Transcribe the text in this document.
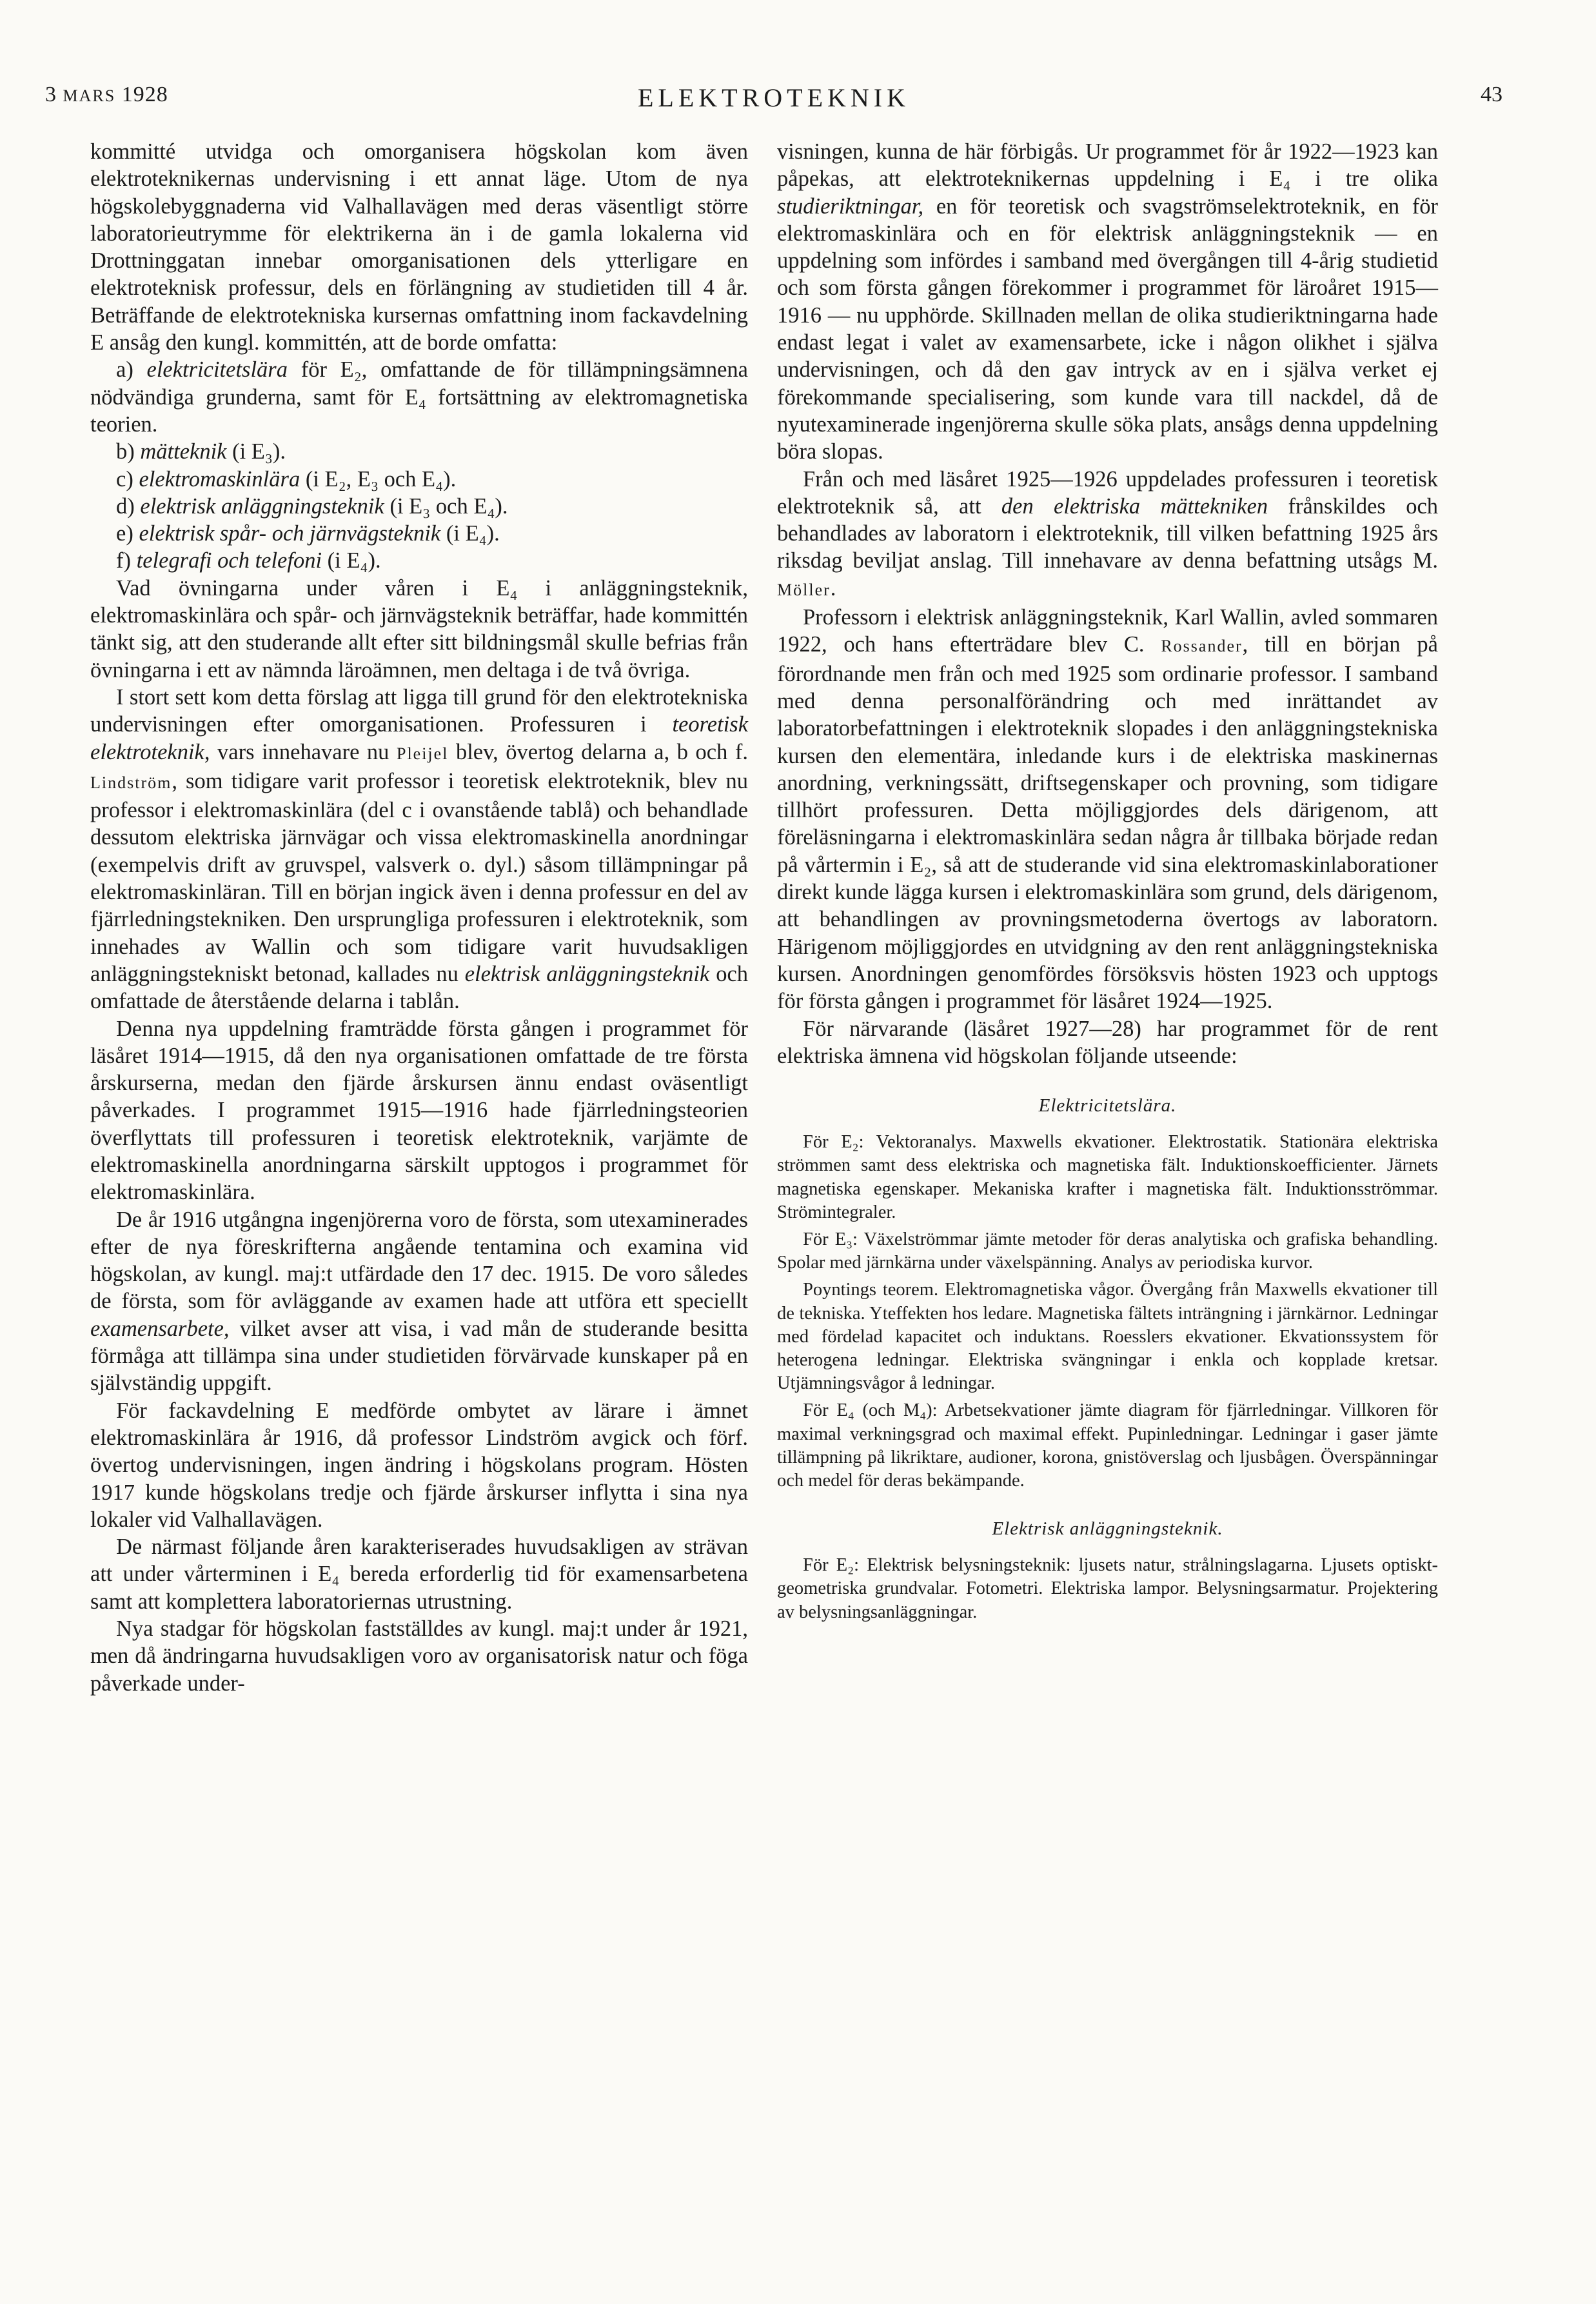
3 MARS 1928	ELEKTROTEKNIK	43

kommitté utvidga och omorganisera högskolan kom även elektroteknikernas undervisning i ett annat läge. Utom de nya högskolebyggnaderna vid Valhallavägen med deras väsentligt större laboratorieutrymme för elektrikerna än i de gamla lokalerna vid Drottninggatan innebar omorganisationen dels ytterligare en elektroteknisk professur, dels en förlängning av studietiden till 4 år. Beträffande de elektrotekniska kursernas omfattning inom fackavdelning E ansåg den kungl. kommittén, att de borde omfatta:

a) elektricitetslära för E₂, omfattande de för tillämpningsämnena nödvändiga grunderna, samt för E₄ fortsättning av elektromagnetiska teorien.

b) mätteknik (i E₃).

c) elektromaskinlära (i E₂, E₃ och E₄).

d) elektrisk anläggningsteknik (i E₃ och E₄).

e) elektrisk spår- och järnvägsteknik (i E₄).

f) telegrafi och telefoni (i E₄).

Vad övningarna under våren i E₄ i anläggningsteknik, elektromaskinlära och spår- och järnvägsteknik beträffar, hade kommittén tänkt sig, att den studerande allt efter sitt bildningsmål skulle befrias från övningarna i ett av nämnda läroämnen, men deltaga i de två övriga.

I stort sett kom detta förslag att ligga till grund för den elektrotekniska undervisningen efter omorganisationen. Professuren i teoretisk elektroteknik, vars innehavare nu Pleijel blev, övertog delarna a, b och f. Lindström, som tidigare varit professor i teoretisk elektroteknik, blev nu professor i elektromaskinlära (del c i ovanstående tablå) och behandlade dessutom elektriska järnvägar och vissa elektromaskinella anordningar (exempelvis drift av gruvspel, valsverk o. dyl.) såsom tillämpningar på elektromaskinläran. Till en början ingick även i denna professur en del av fjärrledningstekniken. Den ursprungliga professuren i elektroteknik, som innehades av Wallin och som tidigare varit huvudsakligen anläggningstekniskt betonad, kallades nu elektrisk anläggningsteknik och omfattade de återstående delarna i tablån.

Denna nya uppdelning framträdde första gången i programmet för läsåret 1914—1915, då den nya organisationen omfattade de tre första årskurserna, medan den fjärde årskursen ännu endast oväsentligt påverkades. I programmet 1915—1916 hade fjärrledningsteorien överflyttats till professuren i teoretisk elektroteknik, varjämte de elektromaskinella anordningarna särskilt upptogos i programmet för elektromaskinlära.

De år 1916 utgångna ingenjörerna voro de första, som utexaminerades efter de nya föreskrifterna angående tentamina och examina vid högskolan, av kungl. maj:t utfärdade den 17 dec. 1915. De voro således de första, som för avläggande av examen hade att utföra ett speciellt examensarbete, vilket avser att visa, i vad mån de studerande besitta förmåga att tillämpa sina under studietiden förvärvade kunskaper på en självständig uppgift.

För fackavdelning E medförde ombytet av lärare i ämnet elektromaskinlära år 1916, då professor Lindström avgick och förf. övertog undervisningen, ingen ändring i högskolans program. Hösten 1917 kunde högskolans tredje och fjärde årskurser inflytta i sina nya lokaler vid Valhallavägen.

De närmast följande åren karakteriserades huvudsakligen av strävan att under vårterminen i E₄ bereda erforderlig tid för examensarbetena samt att komplettera laboratoriernas utrustning.

Nya stadgar för högskolan fastställdes av kungl. maj:t under år 1921, men då ändringarna huvudsakligen voro av organisatorisk natur och föga påverkade under-

visningen, kunna de här förbigås. Ur programmet för år 1922—1923 kan påpekas, att elektroteknikernas uppdelning i E₄ i tre olika studieriktningar, en för teoretisk och svagströmselektroteknik, en för elektromaskinlära och en för elektrisk anläggningsteknik — en uppdelning som infördes i samband med övergången till 4-årig studietid och som första gången förekommer i programmet för läroåret 1915—1916 — nu upphörde. Skillnaden mellan de olika studieriktningarna hade endast legat i valet av examensarbete, icke i någon olikhet i själva undervisningen, och då den gav intryck av en i själva verket ej förekommande specialisering, som kunde vara till nackdel, då de nyutexaminerade ingenjörerna skulle söka plats, ansågs denna uppdelning böra slopas.

Från och med läsåret 1925—1926 uppdelades professuren i teoretisk elektroteknik så, att den elektriska mättekniken frånskildes och behandlades av laboratorn i elektroteknik, till vilken befattning 1925 års riksdag beviljat anslag. Till innehavare av denna befattning utsågs M. Möller.

Professorn i elektrisk anläggningsteknik, Karl Wallin, avled sommaren 1922, och hans efterträdare blev C. Rossander, till en början på förordnande men från och med 1925 som ordinarie professor. I samband med denna personalförändring och med inrättandet av laboratorbefattningen i elektroteknik slopades i den anläggningstekniska kursen den elementära, inledande kurs i de elektriska maskinernas anordning, verkningssätt, driftsegenskaper och provning, som tidigare tillhört professuren. Detta möjliggjordes dels därigenom, att föreläsningarna i elektromaskinlära sedan några år tillbaka började redan på vårtermin i E₂, så att de studerande vid sina elektromaskinlaborationer direkt kunde lägga kursen i elektromaskinlära som grund, dels därigenom, att behandlingen av provningsmetoderna övertogs av laboratorn. Härigenom möjliggjordes en utvidgning av den rent anläggningstekniska kursen. Anordningen genomfördes försöksvis hösten 1923 och upptogs för första gången i programmet för läsåret 1924—1925.

För närvarande (läsåret 1927—28) har programmet för de rent elektriska ämnena vid högskolan följande utseende:

Elektricitetslära.

För E₂: Vektoranalys. Maxwells ekvationer. Elektrostatik. Stationära elektriska strömmen samt dess elektriska och magnetiska fält. Induktionskoefficienter. Järnets magnetiska egenskaper. Mekaniska krafter i magnetiska fält. Induktionsströmmar. Strömintegraler.

För E₃: Växelströmmar jämte metoder för deras analytiska och grafiska behandling. Spolar med järnkärna under växelspänning. Analys av periodiska kurvor.

Poyntings teorem. Elektromagnetiska vågor. Övergång från Maxwells ekvationer till de tekniska. Yteffekten hos ledare. Magnetiska fältets inträngning i järnkärnor. Ledningar med fördelad kapacitet och induktans. Roesslers ekvationer. Ekvationssystem för heterogena ledningar. Elektriska svängningar i enkla och kopplade kretsar. Utjämningsvågor å ledningar.

För E₄ (och M₄): Arbetsekvationer jämte diagram för fjärrledningar. Villkoren för maximal verkningsgrad och maximal effekt. Pupinledningar. Ledningar i gaser jämte tillämpning på likriktare, audioner, korona, gnistöverslag och ljusbågen. Överspänningar och medel för deras bekämpande.

Elektrisk anläggningsteknik.

För E₂: Elektrisk belysningsteknik: ljusets natur, strålningslagarna. Ljusets optiskt-geometriska grundvalar. Fotometri. Elektriska lampor. Belysningsarmatur. Projektering av belysningsanläggningar.
